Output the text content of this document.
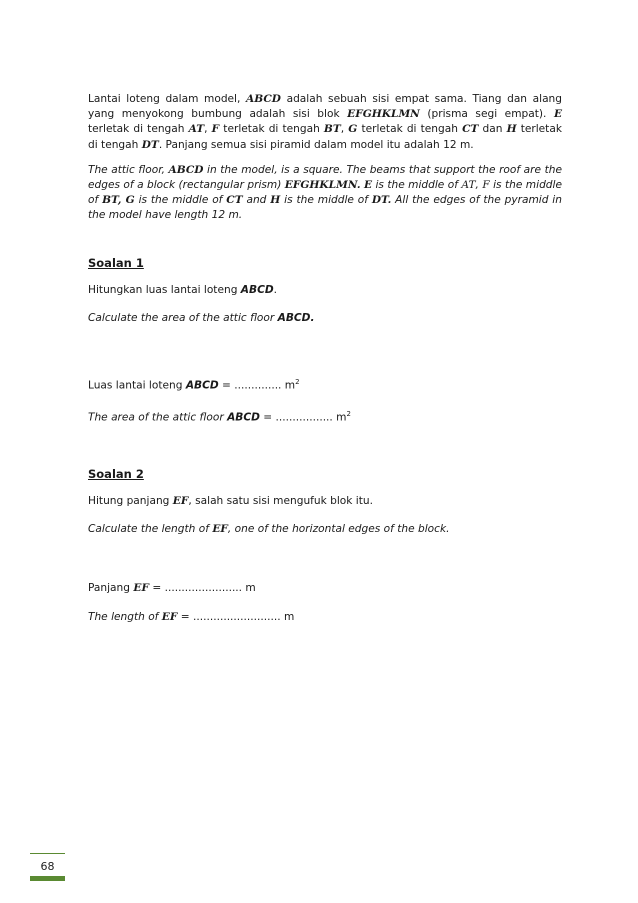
Lantai loteng dalam model, ABCD adalah sebuah sisi empat sama. Tiang dan alang yang menyokong bumbung adalah sisi blok EFGHKLMN (prisma segi empat). E terletak di tengah AT, F terletak di tengah BT, G terletak di tengah CT dan H terletak di tengah DT. Panjang semua sisi piramid dalam model itu adalah 12 m.

The attic floor, ABCD in the model, is a square. The beams that support the roof are the edges of a block (rectangular prism) EFGHKLMN. E is the middle of AT, F is the middle of BT, G is the middle of CT and H is the middle of DT. All the edges of the pyramid in the model have length 12 m.

Soalan 1

Hitungkan luas lantai loteng ABCD.

Calculate the area of the attic floor ABCD.

Luas lantai loteng ABCD = .............. $m^2$

The area of the attic floor ABCD = ................. $m^2$

Soalan 2

Hitung panjang EF, salah satu sisi mengufuk blok itu.

Calculate the length of EF, one of the horizontal edges of the block.

Panjang EF = ....................... m

The length of EF = .......................... m

68
